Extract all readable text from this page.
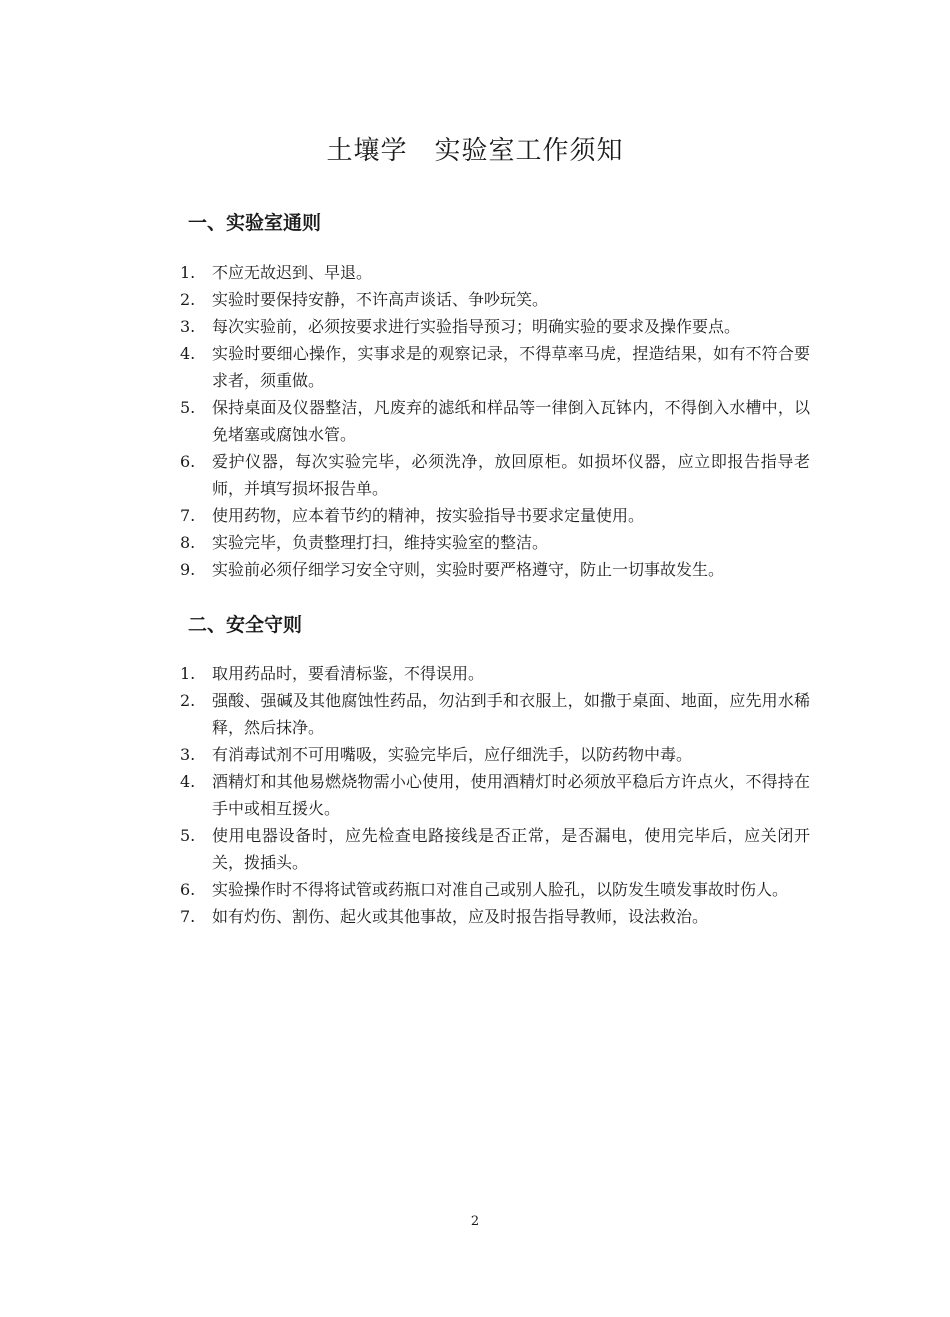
土壤学　实验室工作须知
一、实验室通则
1.	不应无故迟到、早退。
2.	实验时要保持安静，不许高声谈话、争吵玩笑。
3.	每次实验前，必须按要求进行实验指导预习；明确实验的要求及操作要点。
4.	实验时要细心操作，实事求是的观察记录，不得草率马虎，捏造结果，如有不符合要求者，须重做。
5.	保持桌面及仪器整洁，凡废弃的滤纸和样品等一律倒入瓦钵内，不得倒入水槽中，以免堵塞或腐蚀水管。
6.	爱护仪器，每次实验完毕，必须洗净，放回原柜。如损坏仪器，应立即报告指导老师，并填写损坏报告单。
7.	使用药物，应本着节约的精神，按实验指导书要求定量使用。
8.	实验完毕，负责整理打扫，维持实验室的整洁。
9.	实验前必须仔细学习安全守则，实验时要严格遵守，防止一切事故发生。
二、安全守则
1.	取用药品时，要看清标鉴，不得误用。
2.	强酸、强碱及其他腐蚀性药品，勿沾到手和衣服上，如撒于桌面、地面，应先用水稀释，然后抹净。
3.	有消毒试剂不可用嘴吸，实验完毕后，应仔细洗手，以防药物中毒。
4.	酒精灯和其他易燃烧物需小心使用，使用酒精灯时必须放平稳后方许点火，不得持在手中或相互援火。
5.	使用电器设备时，应先检查电路接线是否正常，是否漏电，使用完毕后，应关闭开关，拨插头。
6.	实验操作时不得将试管或药瓶口对准自己或别人脸孔，以防发生喷发事故时伤人。
7.	如有灼伤、割伤、起火或其他事故，应及时报告指导教师，设法救治。
2
